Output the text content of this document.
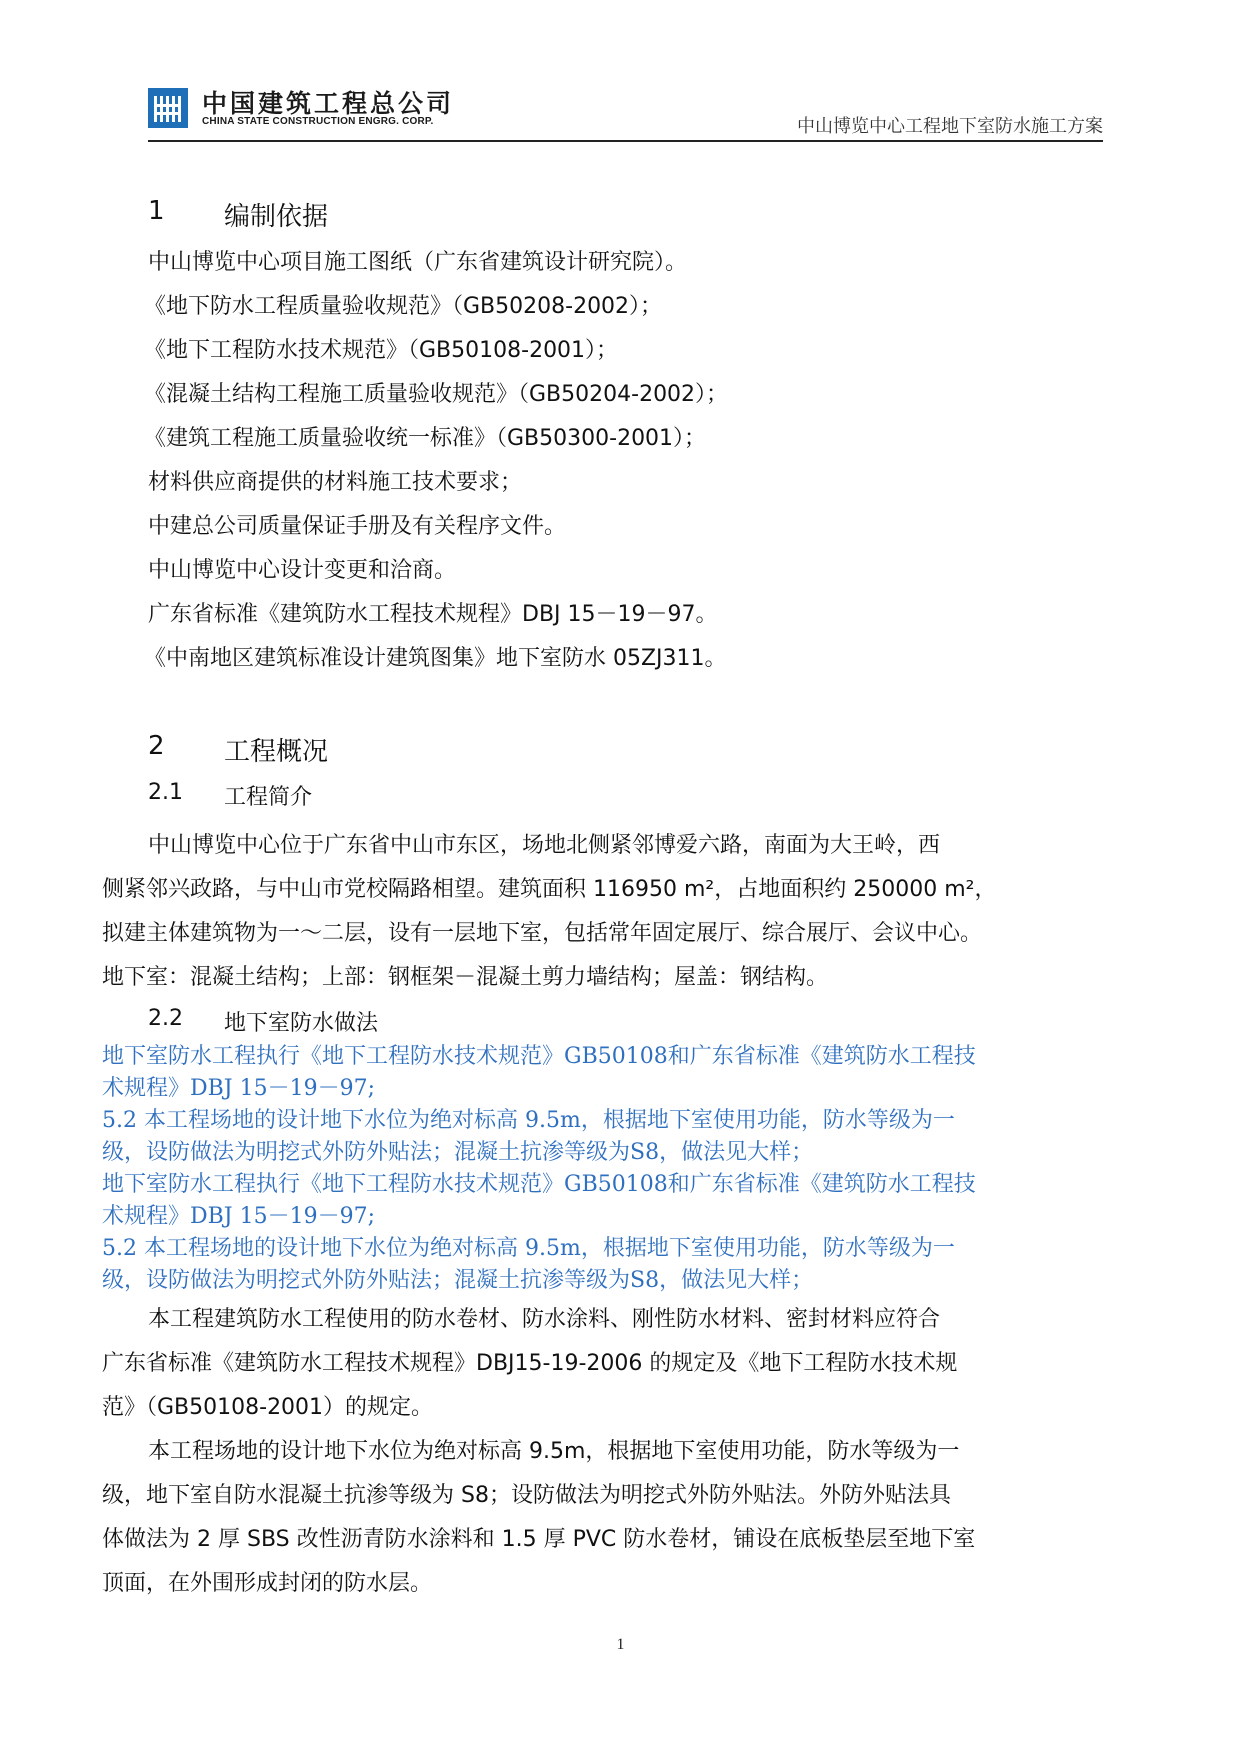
中国建筑工程总公司
CHINA STATE CONSTRUCTION ENGRG. CORP.	中山博览中心工程地下室防水施工方案
1 编制依据
中山博览中心项目施工图纸（广东省建筑设计研究院）。
《地下防水工程质量验收规范》（GB50208-2002）；
《地下工程防水技术规范》（GB50108-2001）；
《混凝土结构工程施工质量验收规范》（GB50204-2002）；
《建筑工程施工质量验收统一标准》（GB50300-2001）；
材料供应商提供的材料施工技术要求；
中建总公司质量保证手册及有关程序文件。
中山博览中心设计变更和洽商。
广东省标准《建筑防水工程技术规程》DBJ 15－19－97。
《中南地区建筑标准设计建筑图集》地下室防水 05ZJ311。
2 工程概况
2.1 工程简介
中山博览中心位于广东省中山市东区，场地北侧紧邻博爱六路，南面为大王岭，西
侧紧邻兴政路，与中山市党校隔路相望。建筑面积 116950 m²，占地面积约 250000 m²，
拟建主体建筑物为一～二层，设有一层地下室，包括常年固定展厅、综合展厅、会议中心。
地下室：混凝土结构；上部：钢框架－混凝土剪力墙结构；屋盖：钢结构。
2.2 地下室防水做法
地下室防水工程执行《地下工程防水技术规范》GB50108和广东省标准《建筑防水工程技
术规程》DBJ 15－19－97;
5.2 本工程场地的设计地下水位为绝对标高 9.5m，根据地下室使用功能，防水等级为一
级，设防做法为明挖式外防外贴法；混凝土抗渗等级为S8，做法见大样；
地下室防水工程执行《地下工程防水技术规范》GB50108和广东省标准《建筑防水工程技
术规程》DBJ 15－19－97;
5.2 本工程场地的设计地下水位为绝对标高 9.5m，根据地下室使用功能，防水等级为一
级，设防做法为明挖式外防外贴法；混凝土抗渗等级为S8，做法见大样；
本工程建筑防水工程使用的防水卷材、防水涂料、刚性防水材料、密封材料应符合
广东省标准《建筑防水工程技术规程》DBJ15-19-2006 的规定及《地下工程防水技术规
范》（GB50108-2001）的规定。
本工程场地的设计地下水位为绝对标高 9.5m，根据地下室使用功能，防水等级为一
级，地下室自防水混凝土抗渗等级为 S8；设防做法为明挖式外防外贴法。外防外贴法具
体做法为 2 厚 SBS 改性沥青防水涂料和 1.5 厚 PVC 防水卷材，铺设在底板垫层至地下室
顶面，在外围形成封闭的防水层。
1
